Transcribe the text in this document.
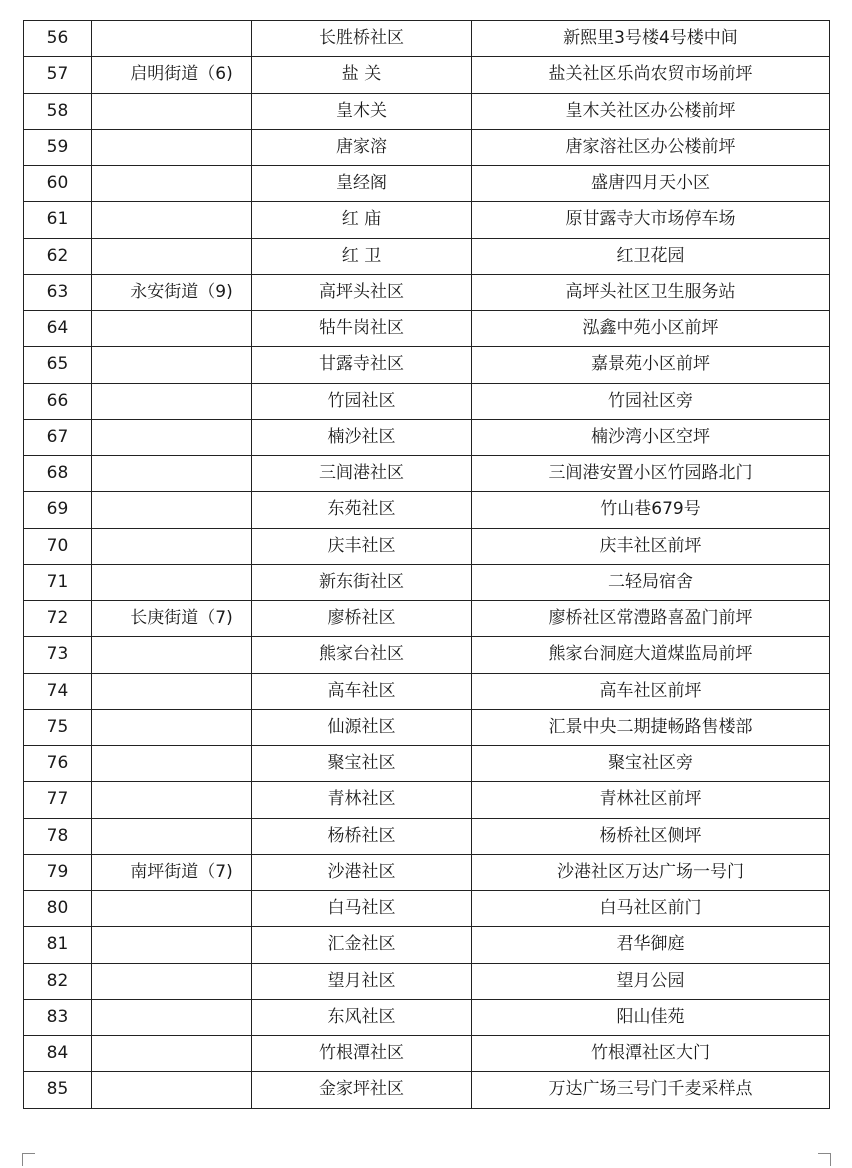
56		长胜桥社区	新熙里3号楼4号楼中间
57	启明街道（6)	盐 关	盐关社区乐尚农贸市场前坪
58		皇木关	皇木关社区办公楼前坪
59		唐家溶	唐家溶社区办公楼前坪
60		皇经阁	盛唐四月天小区
61		红 庙	原甘露寺大市场停车场
62		红 卫	红卫花园
63	永安街道（9)	高坪头社区	高坪头社区卫生服务站
64		牯牛岗社区	泓鑫中苑小区前坪
65		甘露寺社区	嘉景苑小区前坪
66		竹园社区	竹园社区旁
67		楠沙社区	楠沙湾小区空坪
68		三闾港社区	三闾港安置小区竹园路北门
69		东苑社区	竹山巷679号
70		庆丰社区	庆丰社区前坪
71		新东街社区	二轻局宿舍
72	长庚街道（7)	廖桥社区	廖桥社区常澧路喜盈门前坪
73		熊家台社区	熊家台洞庭大道煤监局前坪
74		高车社区	高车社区前坪
75		仙源社区	汇景中央二期捷畅路售楼部
76		聚宝社区	聚宝社区旁
77		青林社区	青林社区前坪
78		杨桥社区	杨桥社区侧坪
79	南坪街道（7)	沙港社区	沙港社区万达广场一号门
80		白马社区	白马社区前门
81		汇金社区	君华御庭
82		望月社区	望月公园
83		东风社区	阳山佳苑
84		竹根潭社区	竹根潭社区大门
85		金家坪社区	万达广场三号门千麦采样点
